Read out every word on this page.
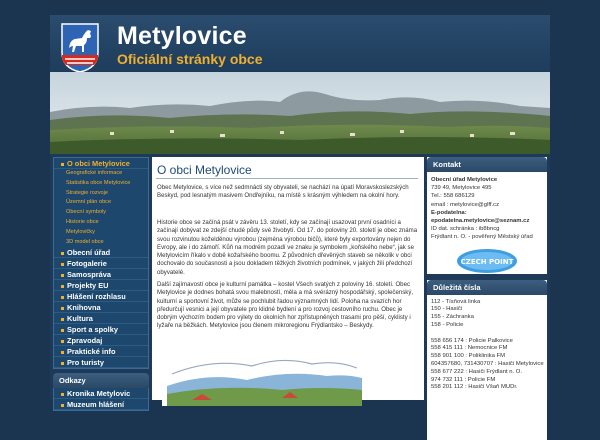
Metylovice
Oficiální stránky obce
O obci Metylovice
Geografické informace
Statistika obce Metylovice
Strategie rozvoje
Územní plán obce
Obecní symboly
Historie obce
Metylovičky
3D model obce
Obecní úřad
Fotogalerie
Samospráva
Projekty EU
Hlášení rozhlasu
Knihovna
Kultura
Sport a spolky
Zpravodaj
Praktické info
Pro turisty
Odkazy
Kronika Metylovic
Muzeum hlášení
O obci Metylovice

Obec Metylovice, s více než sedmnácti sty obyvateli, se nachází na úpatí Moravskoslezských Beskyd, pod lesnatým masivem Ondřejníku, na místě s krásným výhledem na okolní hory.

Historie obce se začíná psát v závěru 13. století, kdy se začínají usazovat první osadníci a začínají dobývat ze zdejší chudé půdy své živobytí. Od 17. do poloviny 20. století je obec známa svou rozvinutou koželděnou výrobou (zejména výrobou bičů), které byly exportovány nejen do Evropy, ale i do zámoří. Kůň na modrém pozadí ve znaku je symbolem „koňského nebe“, jak se Metylovicím říkalo v době kožařského boomu. Z původních dřevěných staveb se několik v obci dochovalo do současnosti a jsou dokladem těžkých životních podmínek, v jakých žili předchozí obyvatelé.

Další zajímavostí obce je kulturní památka – kostel Všech svatých z poloviny 16. století. Obec Metylovice je dodnes bohatá svou malebností, měla a má svérázný hospodářský, společenský, kulturní a sportovní život, může se pochlubit řadou významných lidí. Poloha na svazích hor předurčují vesnici a její obyvatele pro klidné bydlení a pro rozvoj cestovního ruchu. Obec je dobrým výchozím bodem pro výlety do okolních hor zpřístupněných trasami pro pěší, cyklisty i lyžaře na běžkách. Metylovice jsou členem mikroregionu Frýdlantsko – Beskydy.

Kontakt
Obecní úřad Metylovice
739 49, Metylovice 495
Tel.: 558 686129
email : metylovice@glff.cz
E-podatelna:
epodatelna.metylovice@seznam.cz
ID dat. schránka : ib8bncg
Frýdlant n. O. - pověřený Městský úřad
CZECH POINT
Důležitá čísla
112 - Tísňová linka
150 - Hasiči
155 - Záchranka
158 - Policie
558 656 174 : Policie Palkovice
558 415 111 : Nemocnice FM
558 901 100 : Poliklinika FM
604357680, 731430707 : Hasiči Metylovice
558 677 222 : Hasiči Frýdlant n. O.
974 732 111 : Policie FM
558 201 112 : Hasiči Všaň MUDr.
